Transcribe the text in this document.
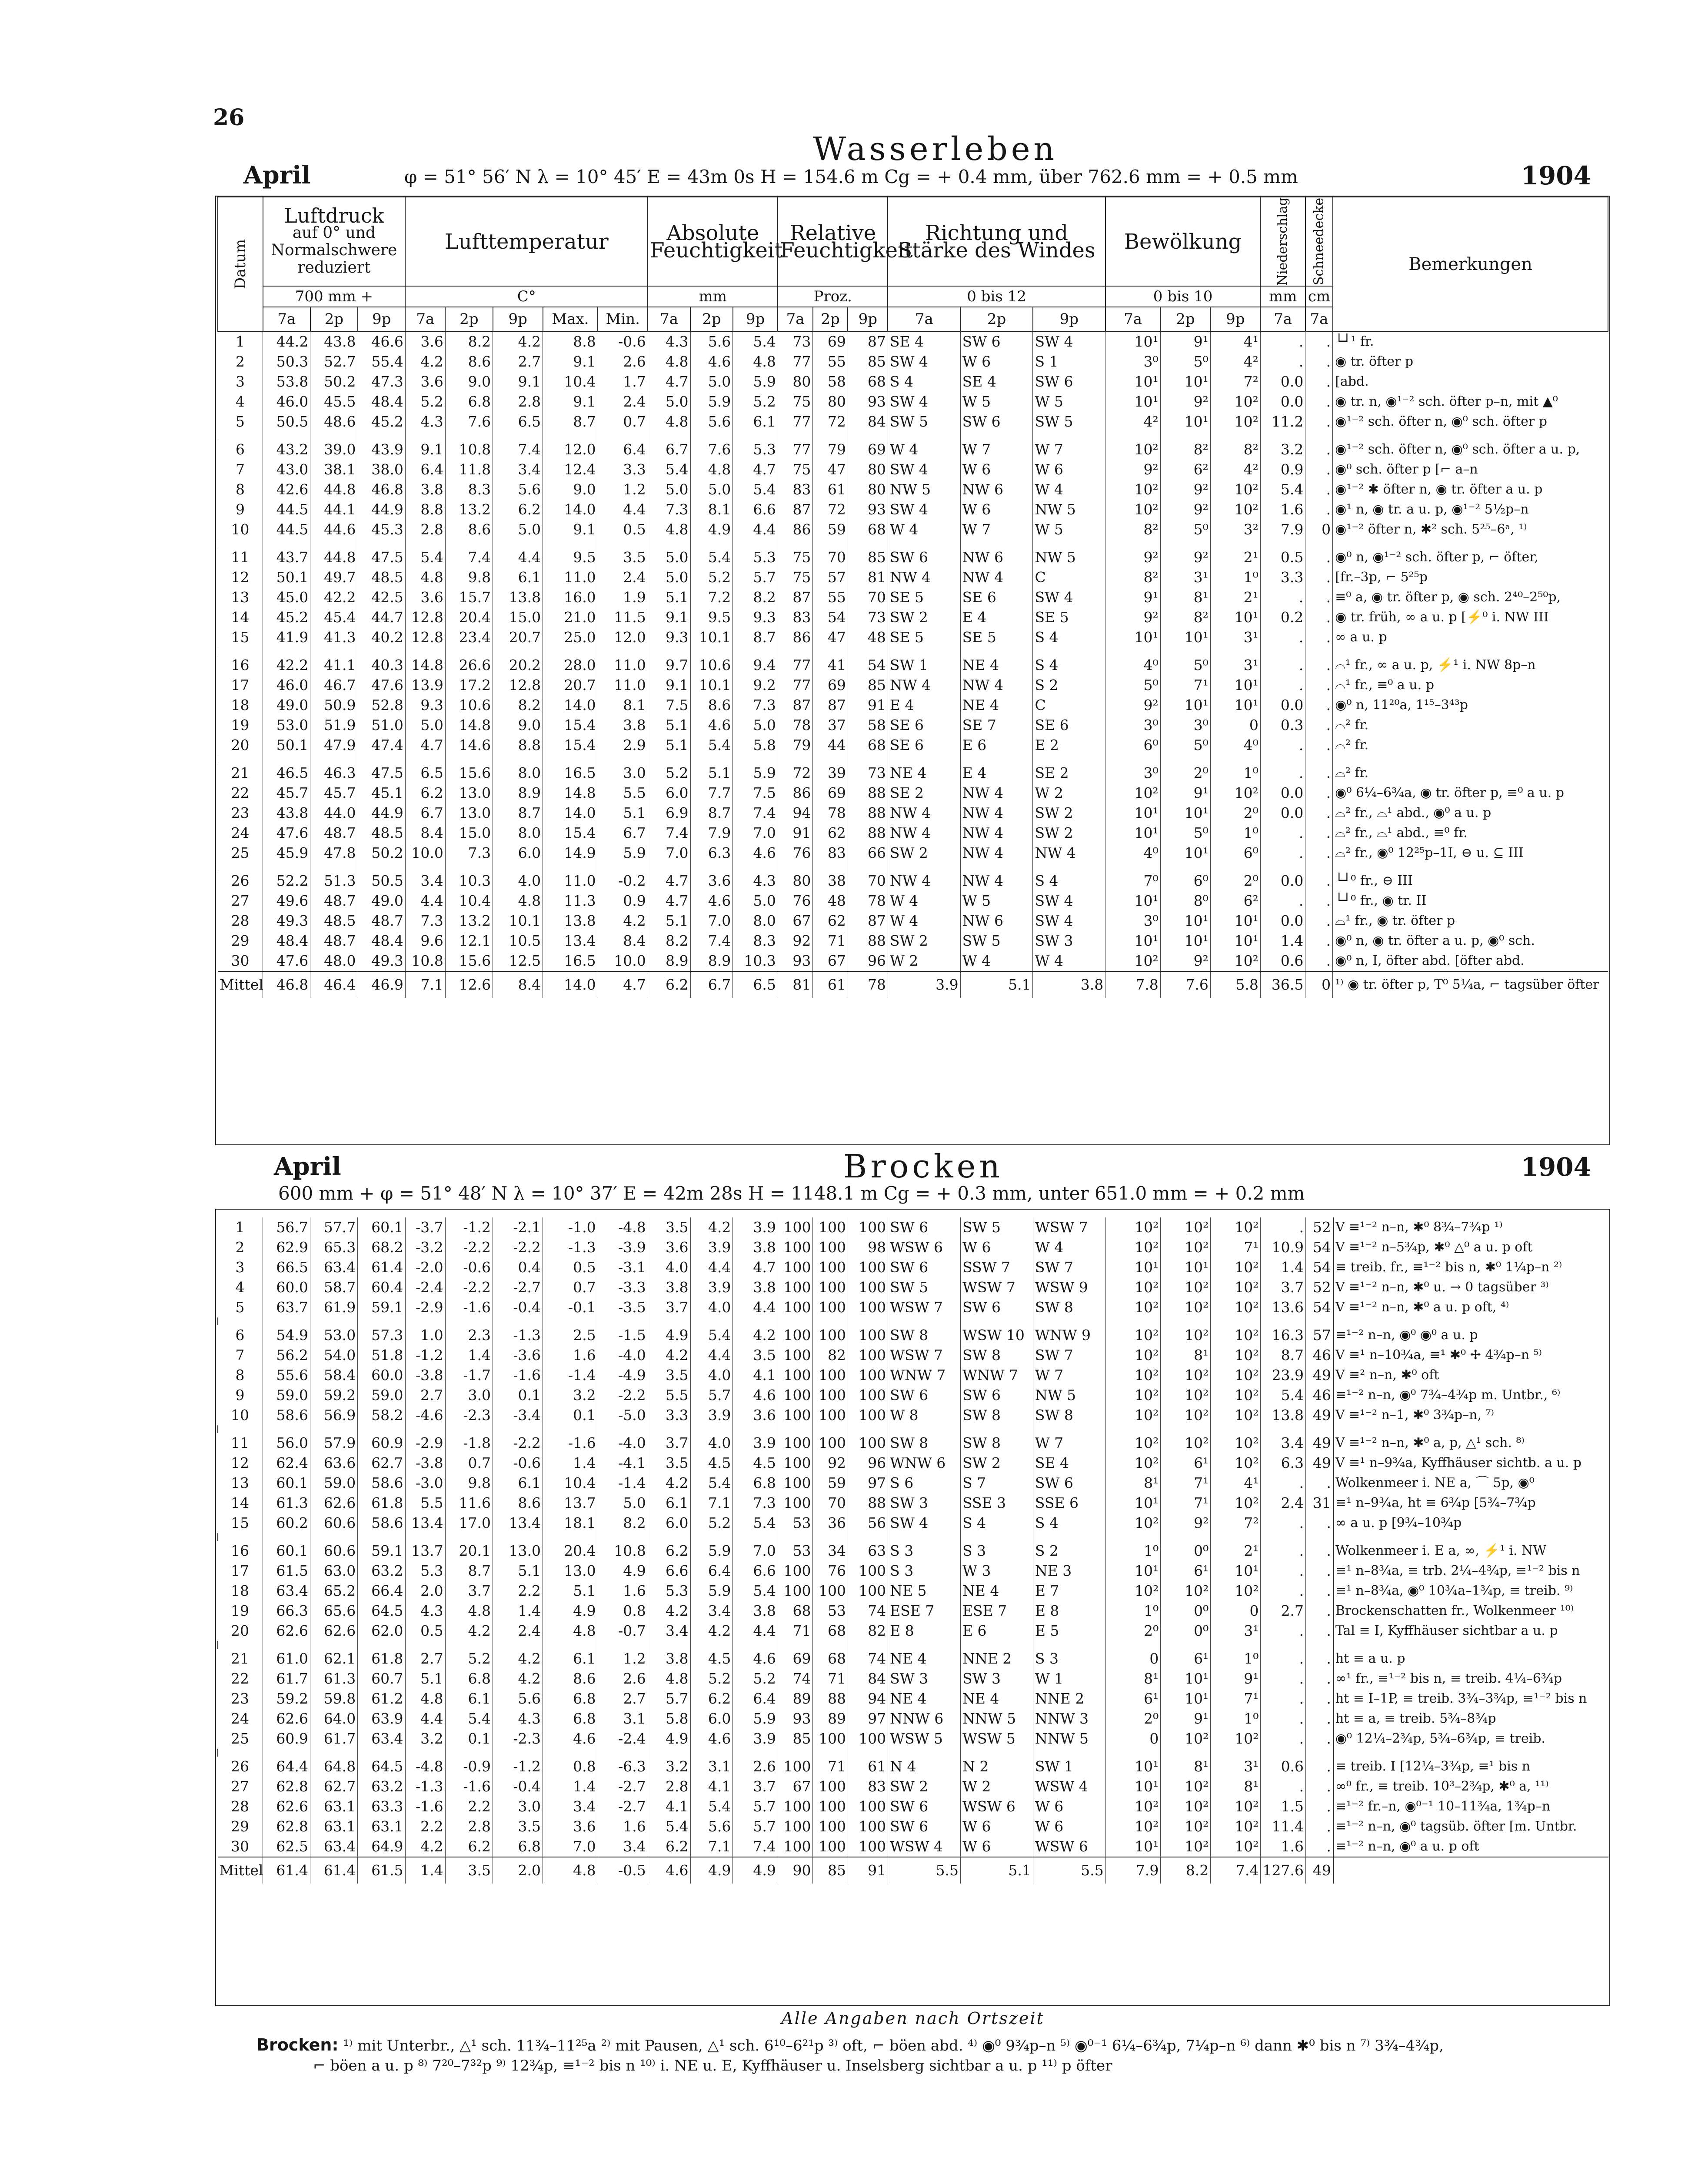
26
Wasserleben
April	φ = 51° 56′ N λ = 10° 45′ E = 43m 0s H = 154.6 m Cg = + 0.4 mm, über 762.6 mm = + 0.5 mm	1904
Datum	Luftdruck
auf 0° und Normalschwere reduziert			Lufttemperatur					Absolute Feuchtigkeit			Relative Feuchtigkeit			Richtung und Stärke des Windes			Bewölkung			Niederschlag	Schneedecke	Bemerkungen
	700 mm +			C°					mm			Proz.			0 bis 12			0 bis 10			mm	cm	
	7a	2p	9p	7a	2p	9p	Max.	Min.	7a	2p	9p	7a	2p	9p	7a	2p	9p	7a	2p	9p	7a	7a	
1	44.2	43.8	46.6	3.6	8.2	4.2	8.8	-0.6	4.3	5.6	5.4	73	69	87	SE 4	SW 6	SW 4	10¹	9¹	4¹	.	.	└┘¹ fr.
2	50.3	52.7	55.4	4.2	8.6	2.7	9.1	2.6	4.8	4.6	4.8	77	55	85	SW 4	W 6	S 1	3⁰	5⁰	4²	.	.	◉ tr. öfter p
3	53.8	50.2	47.3	3.6	9.0	9.1	10.4	1.7	4.7	5.0	5.9	80	58	68	S 4	SE 4	SW 6	10¹	10¹	7²	0.0	.	[abd.
4	46.0	45.5	48.4	5.2	6.8	2.8	9.1	2.4	5.0	5.9	5.2	75	80	93	SW 4	W 5	W 5	10¹	9²	10²	0.0	.	◉ tr. n, ◉¹⁻² sch. öfter p–n, mit ▲⁰
5	50.5	48.6	45.2	4.3	7.6	6.5	8.7	0.7	4.8	5.6	6.1	77	72	84	SW 5	SW 6	SW 5	4²	10¹	10²	11.2	.	◉¹⁻² sch. öfter n, ◉⁰ sch. öfter p

6	43.2	39.0	43.9	9.1	10.8	7.4	12.0	6.4	6.7	7.6	5.3	77	79	69	W 4	W 7	W 7	10²	8²	8²	3.2	.	◉¹⁻² sch. öfter n, ◉⁰ sch. öfter a u. p,
7	43.0	38.1	38.0	6.4	11.8	3.4	12.4	3.3	5.4	4.8	4.7	75	47	80	SW 4	W 6	W 6	9²	6²	4²	0.9	.	◉⁰ sch. öfter p [⌐ a–n
8	42.6	44.8	46.8	3.8	8.3	5.6	9.0	1.2	5.0	5.0	5.4	83	61	80	NW 5	NW 6	W 4	10²	9²	10²	5.4	.	◉¹⁻² ✱ öfter n, ◉ tr. öfter a u. p
9	44.5	44.1	44.9	8.8	13.2	6.2	14.0	4.4	7.3	8.1	6.6	87	72	93	SW 4	W 6	NW 5	10²	9²	10²	1.6	.	◉¹ n, ◉ tr. a u. p, ◉¹⁻² 5½p–n
10	44.5	44.6	45.3	2.8	8.6	5.0	9.1	0.5	4.8	4.9	4.4	86	59	68	W 4	W 7	W 5	8²	5⁰	3²	7.9	0	◉¹⁻² öfter n, ✱² sch. 5²⁵–6ᵃ, ¹⁾

11	43.7	44.8	47.5	5.4	7.4	4.4	9.5	3.5	5.0	5.4	5.3	75	70	85	SW 6	NW 6	NW 5	9²	9²	2¹	0.5	.	◉⁰ n, ◉¹⁻² sch. öfter p, ⌐ öfter,
12	50.1	49.7	48.5	4.8	9.8	6.1	11.0	2.4	5.0	5.2	5.7	75	57	81	NW 4	NW 4	C	8²	3¹	1⁰	3.3	.	[fr.–3p, ⌐ 5²⁵p
13	45.0	42.2	42.5	3.6	15.7	13.8	16.0	1.9	5.1	7.2	8.2	87	55	70	SE 5	SE 6	SW 4	9¹	8¹	2¹	.	.	≡⁰ a, ◉ tr. öfter p, ◉ sch. 2⁴⁰–2⁵⁰p,
14	45.2	45.4	44.7	12.8	20.4	15.0	21.0	11.5	9.1	9.5	9.3	83	54	73	SW 2	E 4	SE 5	9²	8²	10¹	0.2	.	◉ tr. früh, ∞ a u. p [⚡⁰ i. NW III
15	41.9	41.3	40.2	12.8	23.4	20.7	25.0	12.0	9.3	10.1	8.7	86	47	48	SE 5	SE 5	S 4	10¹	10¹	3¹	.	.	∞ a u. p

16	42.2	41.1	40.3	14.8	26.6	20.2	28.0	11.0	9.7	10.6	9.4	77	41	54	SW 1	NE 4	S 4	4⁰	5⁰	3¹	.	.	⌓¹ fr., ∞ a u. p, ⚡¹ i. NW 8p–n
17	46.0	46.7	47.6	13.9	17.2	12.8	20.7	11.0	9.1	10.1	9.2	77	69	85	NW 4	NW 4	S 2	5⁰	7¹	10¹	.	.	⌓¹ fr., ≡⁰ a u. p
18	49.0	50.9	52.8	9.3	10.6	8.2	14.0	8.1	7.5	8.6	7.3	87	87	91	E 4	NE 4	C	9²	10¹	10¹	0.0	.	◉⁰ n, 11²⁰a, 1¹⁵–3⁴³p
19	53.0	51.9	51.0	5.0	14.8	9.0	15.4	3.8	5.1	4.6	5.0	78	37	58	SE 6	SE 7	SE 6	3⁰	3⁰	0	0.3	.	⌓² fr.
20	50.1	47.9	47.4	4.7	14.6	8.8	15.4	2.9	5.1	5.4	5.8	79	44	68	SE 6	E 6	E 2	6⁰	5⁰	4⁰	.	.	⌓² fr.

21	46.5	46.3	47.5	6.5	15.6	8.0	16.5	3.0	5.2	5.1	5.9	72	39	73	NE 4	E 4	SE 2	3⁰	2⁰	1⁰	.	.	⌓² fr.
22	45.7	45.7	45.1	6.2	13.0	8.9	14.8	5.5	6.0	7.7	7.5	86	69	88	SE 2	NW 4	W 2	10²	9¹	10²	0.0	.	◉⁰ 6¼–6¾a, ◉ tr. öfter p, ≡⁰ a u. p
23	43.8	44.0	44.9	6.7	13.0	8.7	14.0	5.1	6.9	8.7	7.4	94	78	88	NW 4	NW 4	SW 2	10¹	10¹	2⁰	0.0	.	⌓² fr., ⌓¹ abd., ◉⁰ a u. p
24	47.6	48.7	48.5	8.4	15.0	8.0	15.4	6.7	7.4	7.9	7.0	91	62	88	NW 4	NW 4	SW 2	10¹	5⁰	1⁰	.	.	⌓² fr., ⌓¹ abd., ≡⁰ fr.
25	45.9	47.8	50.2	10.0	7.3	6.0	14.9	5.9	7.0	6.3	4.6	76	83	66	SW 2	NW 4	NW 4	4⁰	10¹	6⁰	.	.	⌓² fr., ◉⁰ 12²⁵p–1I, ⊖ u. ⊆ III

26	52.2	51.3	50.5	3.4	10.3	4.0	11.0	-0.2	4.7	3.6	4.3	80	38	70	NW 4	NW 4	S 4	7⁰	6⁰	2⁰	0.0	.	└┘⁰ fr., ⊖ III
27	49.6	48.7	49.0	4.4	10.4	4.8	11.3	0.9	4.7	4.6	5.0	76	48	78	W 4	W 5	SW 4	10¹	8⁰	6²	.	.	└┘⁰ fr., ◉ tr. II
28	49.3	48.5	48.7	7.3	13.2	10.1	13.8	4.2	5.1	7.0	8.0	67	62	87	W 4	NW 6	SW 4	3⁰	10¹	10¹	0.0	.	⌓¹ fr., ◉ tr. öfter p
29	48.4	48.7	48.4	9.6	12.1	10.5	13.4	8.4	8.2	7.4	8.3	92	71	88	SW 2	SW 5	SW 3	10¹	10¹	10¹	1.4	.	◉⁰ n, ◉ tr. öfter a u. p, ◉⁰ sch.
30	47.6	48.0	49.3	10.8	15.6	12.5	16.5	10.0	8.9	8.9	10.3	93	67	96	W 2	W 4	W 4	10²	9²	10²	0.6	.	◉⁰ n, I, öfter abd. [öfter abd.
Mittel	46.8	46.4	46.9	7.1	12.6	8.4	14.0	4.7	6.2	6.7	6.5	81	61	78	3.9	5.1	3.8	7.8	7.6	5.8	36.5	0	¹⁾ ◉ tr. öfter p, T⁰ 5¼a, ⌐ tagsüber öfter
April	Brocken	1904
600 mm + φ = 51° 48′ N λ = 10° 37′ E = 42m 28s H = 1148.1 m Cg = + 0.3 mm, unter 651.0 mm = + 0.2 mm
1	56.7	57.7	60.1	-3.7	-1.2	-2.1	-1.0	-4.8	3.5	4.2	3.9	100	100	100	SW 6	SW 5	WSW 7	10²	10²	10²	.	52	V ≡¹⁻² n–n, ✱⁰ 8¾–7¾p ¹⁾
2	62.9	65.3	68.2	-3.2	-2.2	-2.2	-1.3	-3.9	3.6	3.9	3.8	100	100	98	WSW 6	W 6	W 4	10²	10²	7¹	10.9	54	V ≡¹⁻² n–5¾p, ✱⁰ △⁰ a u. p oft
3	66.5	63.4	61.4	-2.0	-0.6	0.4	0.5	-3.1	4.0	4.4	4.7	100	100	100	SW 6	SSW 7	SW 7	10¹	10¹	10²	1.4	54	≡ treib. fr., ≡¹⁻² bis n, ✱⁰ 1¼p–n ²⁾
4	60.0	58.7	60.4	-2.4	-2.2	-2.7	0.7	-3.3	3.8	3.9	3.8	100	100	100	SW 5	WSW 7	WSW 9	10²	10²	10²	3.7	52	V ≡¹⁻² n–n, ✱⁰ u. → 0 tagsüber ³⁾
5	63.7	61.9	59.1	-2.9	-1.6	-0.4	-0.1	-3.5	3.7	4.0	4.4	100	100	100	WSW 7	SW 6	SW 8	10²	10²	10²	13.6	54	V ≡¹⁻² n–n, ✱⁰ a u. p oft, ⁴⁾

6	54.9	53.0	57.3	1.0	2.3	-1.3	2.5	-1.5	4.9	5.4	4.2	100	100	100	SW 8	WSW 10	WNW 9	10²	10²	10²	16.3	57	≡¹⁻² n–n, ◉⁰ ◉⁰ a u. p
7	56.2	54.0	51.8	-1.2	1.4	-3.6	1.6	-4.0	4.2	4.4	3.5	100	82	100	WSW 7	SW 8	SW 7	10²	8¹	10²	8.7	46	V ≡¹ n–10¾a, ≡¹ ✱⁰ ✢ 4¾p–n ⁵⁾
8	55.6	58.4	60.0	-3.8	-1.7	-1.6	-1.4	-4.9	3.5	4.0	4.1	100	100	100	WNW 7	WNW 7	W 7	10²	10²	10²	23.9	49	V ≡² n–n, ✱⁰ oft
9	59.0	59.2	59.0	2.7	3.0	0.1	3.2	-2.2	5.5	5.7	4.6	100	100	100	SW 6	SW 6	NW 5	10²	10²	10²	5.4	46	≡¹⁻² n–n, ◉⁰ 7¾–4¾p m. Untbr., ⁶⁾
10	58.6	56.9	58.2	-4.6	-2.3	-3.4	0.1	-5.0	3.3	3.9	3.6	100	100	100	W 8	SW 8	SW 8	10²	10²	10²	13.8	49	V ≡¹⁻² n–1, ✱⁰ 3¾p–n, ⁷⁾

11	56.0	57.9	60.9	-2.9	-1.8	-2.2	-1.6	-4.0	3.7	4.0	3.9	100	100	100	SW 8	SW 8	W 7	10²	10²	10²	3.4	49	V ≡¹⁻² n–n, ✱⁰ a, p, △¹ sch. ⁸⁾
12	62.4	63.6	62.7	-3.8	0.7	-0.6	1.4	-4.1	3.5	4.5	4.5	100	92	96	WNW 6	SW 2	SE 4	10²	6¹	10²	6.3	49	V ≡¹ n–9¾a, Kyffhäuser sichtb. a u. p
13	60.1	59.0	58.6	-3.0	9.8	6.1	10.4	-1.4	4.2	5.4	6.8	100	59	97	S 6	S 7	SW 6	8¹	7¹	4¹	.	.	Wolkenmeer i. NE a, ⌒ 5p, ◉⁰
14	61.3	62.6	61.8	5.5	11.6	8.6	13.7	5.0	6.1	7.1	7.3	100	70	88	SW 3	SSE 3	SSE 6	10¹	7¹	10²	2.4	31	≡¹ n–9¾a, ht ≡ 6¾p [5¾–7¾p
15	60.2	60.6	58.6	13.4	17.0	13.4	18.1	8.2	6.0	5.2	5.4	53	36	56	SW 4	S 4	S 4	10²	9²	7²	.	.	∞ a u. p [9¾–10¾p

16	60.1	60.6	59.1	13.7	20.1	13.0	20.4	10.8	6.2	5.9	7.0	53	34	63	S 3	S 3	S 2	1⁰	0⁰	2¹	.	.	Wolkenmeer i. E a, ∞, ⚡¹ i. NW
17	61.5	63.0	63.2	5.3	8.7	5.1	13.0	4.9	6.6	6.4	6.6	100	76	100	S 3	W 3	NE 3	10¹	6¹	10¹	.	.	≡¹ n–8¾a, ≡ trb. 2¼–4¾p, ≡¹⁻² bis n
18	63.4	65.2	66.4	2.0	3.7	2.2	5.1	1.6	5.3	5.9	5.4	100	100	100	NE 5	NE 4	E 7	10²	10²	10²	.	.	≡¹ n–8¾a, ◉⁰ 10¾a–1¾p, ≡ treib. ⁹⁾
19	66.3	65.6	64.5	4.3	4.8	1.4	4.9	0.8	4.2	3.4	3.8	68	53	74	ESE 7	ESE 7	E 8	1⁰	0⁰	0	2.7	.	Brockenschatten fr., Wolkenmeer ¹⁰⁾
20	62.6	62.6	62.0	0.5	4.2	2.4	4.8	-0.7	3.4	4.2	4.4	71	68	82	E 8	E 6	E 5	2⁰	0⁰	3¹	.	.	Tal ≡ I, Kyffhäuser sichtbar a u. p

21	61.0	62.1	61.8	2.7	5.2	4.2	6.1	1.2	3.8	4.5	4.6	69	68	74	NE 4	NNE 2	S 3	0	6¹	1⁰	.	.	ht ≡ a u. p
22	61.7	61.3	60.7	5.1	6.8	4.2	8.6	2.6	4.8	5.2	5.2	74	71	84	SW 3	SW 3	W 1	8¹	10¹	9¹	.	.	∞¹ fr., ≡¹⁻² bis n, ≡ treib. 4¼–6¾p
23	59.2	59.8	61.2	4.8	6.1	5.6	6.8	2.7	5.7	6.2	6.4	89	88	94	NE 4	NE 4	NNE 2	6¹	10¹	7¹	.	.	ht ≡ I–1P, ≡ treib. 3¾–3¾p, ≡¹⁻² bis n
24	62.6	64.0	63.9	4.4	5.4	4.3	6.8	3.1	5.8	6.0	5.9	93	89	97	NNW 6	NNW 5	NNW 3	2⁰	9¹	1⁰	.	.	ht ≡ a, ≡ treib. 5¾–8¾p
25	60.9	61.7	63.4	3.2	0.1	-2.3	4.6	-2.4	4.9	4.6	3.9	85	100	100	WSW 5	WSW 5	NNW 5	0	10²	10²	.	.	◉⁰ 12¼–2¾p, 5¾–6¾p, ≡ treib.

26	64.4	64.8	64.5	-4.8	-0.9	-1.2	0.8	-6.3	3.2	3.1	2.6	100	71	61	N 4	N 2	SW 1	10¹	8¹	3¹	0.6	.	≡ treib. I [12¼–3¾p, ≡¹ bis n
27	62.8	62.7	63.2	-1.3	-1.6	-0.4	1.4	-2.7	2.8	4.1	3.7	67	100	83	SW 2	W 2	WSW 4	10¹	10²	8¹	.	.	∞⁰ fr., ≡ treib. 10³–2¾p, ✱⁰ a, ¹¹⁾
28	62.6	63.1	63.3	-1.6	2.2	3.0	3.4	-2.7	4.1	5.4	5.7	100	100	100	SW 6	WSW 6	W 6	10²	10²	10²	1.5	.	≡¹⁻² fr.–n, ◉⁰⁻¹ 10–11¾a, 1¾p–n
29	62.8	63.1	63.1	2.2	2.8	3.5	3.6	1.6	5.4	5.6	5.7	100	100	100	SW 6	W 6	W 6	10²	10²	10²	11.4	.	≡¹⁻² n–n, ◉⁰ tagsüb. öfter [m. Untbr.
30	62.5	63.4	64.9	4.2	6.2	6.8	7.0	3.4	6.2	7.1	7.4	100	100	100	WSW 4	W 6	WSW 6	10¹	10²	10²	1.6	.	≡¹⁻² n–n, ◉⁰ a u. p oft
Mittel	61.4	61.4	61.5	1.4	3.5	2.0	4.8	-0.5	4.6	4.9	4.9	90	85	91	5.5	5.1	5.5	7.9	8.2	7.4	127.6	49	
Alle Angaben nach Ortszeit
Brocken: ¹⁾ mit Unterbr., △¹ sch. 11¾–11²⁵a ²⁾ mit Pausen, △¹ sch. 6¹⁰–6²¹p ³⁾ oft, ⌐ böen abd. ⁴⁾ ◉⁰ 9¾p–n ⁵⁾ ◉⁰⁻¹ 6¼–6¾p, 7¼p–n ⁶⁾ dann ✱⁰ bis n ⁷⁾ 3¾–4¾p,
⌐ böen a u. p ⁸⁾ 7²⁰–7³²p ⁹⁾ 12¾p, ≡¹⁻² bis n ¹⁰⁾ i. NE u. E, Kyffhäuser u. Inselsberg sichtbar a u. p ¹¹⁾ p öfter
